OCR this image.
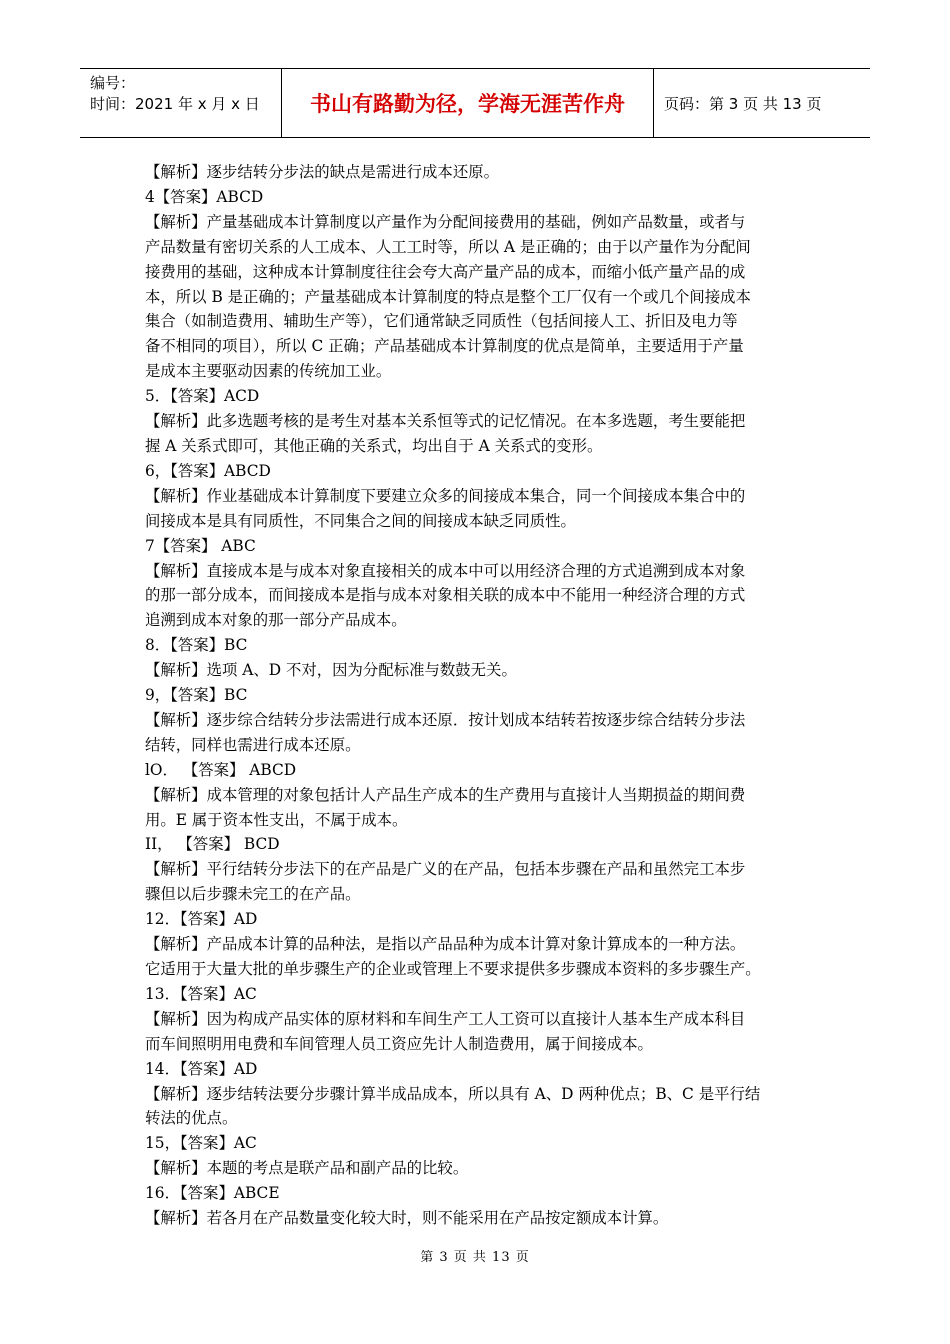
编号：
时间：2021 年 x 月 x 日	书山有路勤为径，学海无涯苦作舟	页码：第 3 页 共 13 页

【解析】逐步结转分步法的缺点是需进行成本还原。

4【答案】ABCD

【解析】产量基础成本计算制度以产量作为分配间接费用的基础，例如产品数量，或者与

产品数量有密切关系的人工成本、人工工时等，所以 A 是正确的；由于以产量作为分配间

接费用的基础，这种成本计算制度往往会夸大高产量产品的成本，而缩小低产量产品的成

本，所以 B 是正确的；产量基础成本计算制度的特点是整个工厂仅有一个或几个间接成本

集合（如制造费用、辅助生产等），它们通常缺乏同质性（包括间接人工、折旧及电力等

备不相同的项目），所以 C 正确；产品基础成本计算制度的优点是简单，主要适用于产量

是成本主要驱动因素的传统加工业。

5．【答案】ACD

【解析】此多选题考核的是考生对基本关系恒等式的记忆情况。在本多选题，考生要能把

握 A 关系式即可，其他正确的关系式，均出自于 A 关系式的变形。

6，【答案】ABCD

【解析】作业基础成本计算制度下要建立众多的间接成本集合，同一个间接成本集合中的

间接成本是具有同质性，不同集合之间的间接成本缺乏同质性。

7【答案】 ABC

【解析】直接成本是与成本对象直接相关的成本中可以用经济合理的方式追溯到成本对象

的那一部分成本，而间接成本是指与成本对象相关联的成本中不能用一种经济合理的方式

追溯到成本对象的那一部分产品成本。

8．【答案】BC

【解析】选项 A、D 不对，因为分配标准与数鼓无关。

9，【答案】BC

【解析】逐步综合结转分步法需进行成本还原．按计划成本结转若按逐步综合结转分步法

结转，同样也需进行成本还原。

lO． 【答案】 ABCD

【解析】成本管理的对象包括计人产品生产成本的生产费用与直接计人当期损益的期间费

用。E 属于资本性支出，不属于成本。

II， 【答案】 BCD

【解析】平行结转分步法下的在产品是广义的在产品，包括本步骤在产品和虽然完工本步

骤但以后步骤未完工的在产品。

12．【答案】AD

【解析】产品成本计算的品种法，是指以产品品种为成本计算对象计算成本的一种方法。

它适用于大量大批的单步骤生产的企业或管理上不要求提供多步骤成本资料的多步骤生产。

13．【答案】AC

【解析】因为构成产品实体的原材料和车间生产工人工资可以直接计人基本生产成本科目

而车间照明用电费和车间管理人员工资应先计人制造费用，属于间接成本。

14．【答案】AD

【解析】逐步结转法要分步骤计算半成品成本，所以具有 A、D 两种优点；B、C 是平行结

转法的优点。

15，【答案】AC

【解析】本题的考点是联产品和副产品的比较。

16．【答案】ABCE

【解析】若各月在产品数量变化较大时，则不能采用在产品按定额成本计算。

第 3 页 共 13 页
